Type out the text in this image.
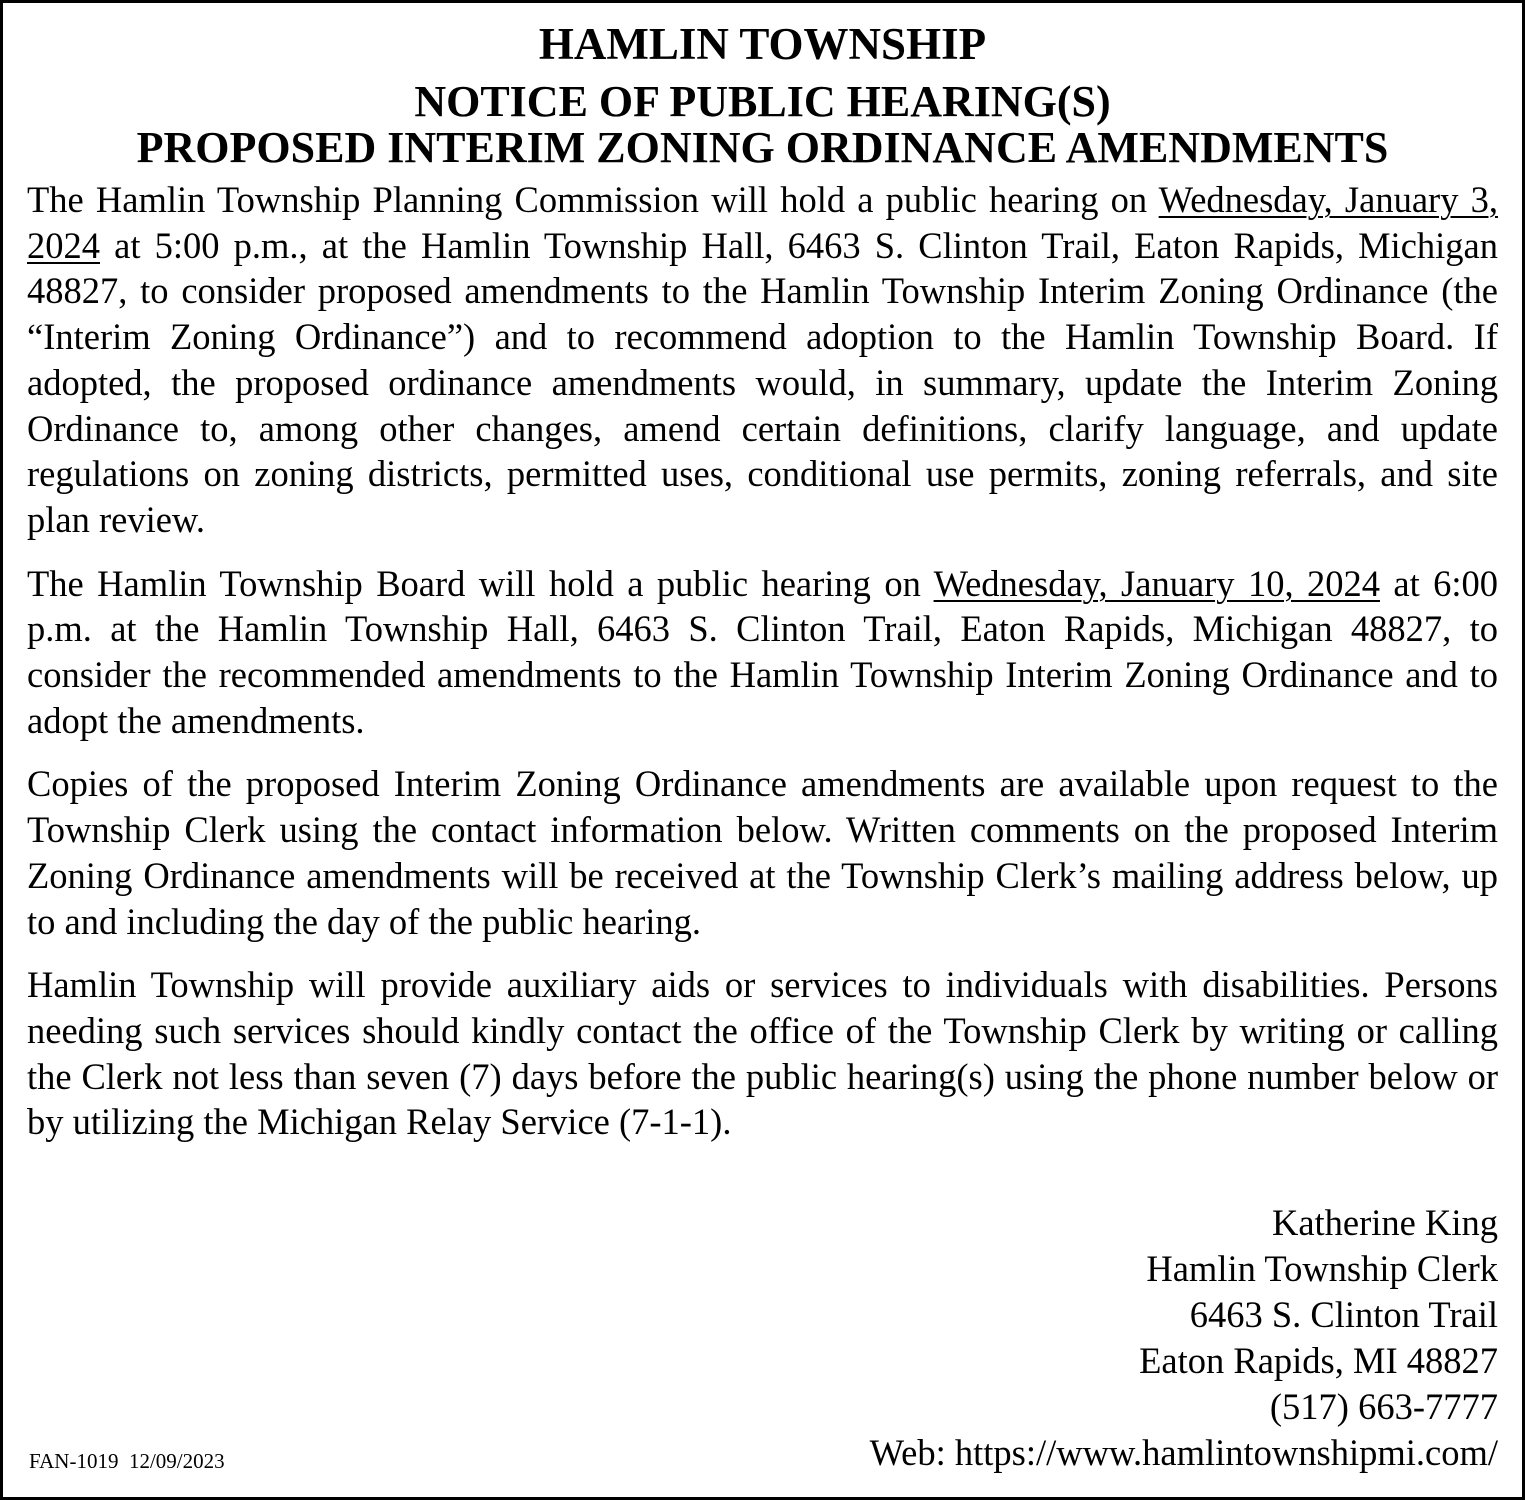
HAMLIN TOWNSHIP
NOTICE OF PUBLIC HEARING(S)
PROPOSED INTERIM ZONING ORDINANCE AMENDMENTS

The Hamlin Township Planning Commission will hold a public hearing on Wednesday, January 3, 2024 at 5:00 p.m., at the Hamlin Township Hall, 6463 S. Clinton Trail, Eaton Rapids, Michigan 48827, to consider proposed amendments to the Hamlin Township Interim Zoning Ordinance (the “Interim Zoning Ordinance”) and to recommend adoption to the Hamlin Township Board. If adopted, the proposed ordinance amendments would, in summary, update the Interim Zoning Ordinance to, among other changes, amend certain definitions, clarify language, and update regulations on zoning districts, permitted uses, conditional use permits, zoning referrals, and site plan review.

The Hamlin Township Board will hold a public hearing on Wednesday, January 10, 2024 at 6:00 p.m. at the Hamlin Township Hall, 6463 S. Clinton Trail, Eaton Rapids, Michigan 48827, to consider the recommended amendments to the Hamlin Township Interim Zoning Ordinance and to adopt the amendments.

Copies of the proposed Interim Zoning Ordinance amendments are available upon request to the Township Clerk using the contact information below. Written comments on the proposed Interim Zoning Ordinance amendments will be received at the Township Clerk’s mailing address below, up to and including the day of the public hearing.

Hamlin Township will provide auxiliary aids or services to individuals with disabilities. Persons needing such services should kindly contact the office of the Township Clerk by writing or calling the Clerk not less than seven (7) days before the public hearing(s) using the phone number below or by utilizing the Michigan Relay Service (7-1-1).

Katherine King
Hamlin Township Clerk
6463 S. Clinton Trail
Eaton Rapids, MI 48827
(517) 663-7777
Web: https://www.hamlintownshipmi.com/
FAN-1019  12/09/2023
